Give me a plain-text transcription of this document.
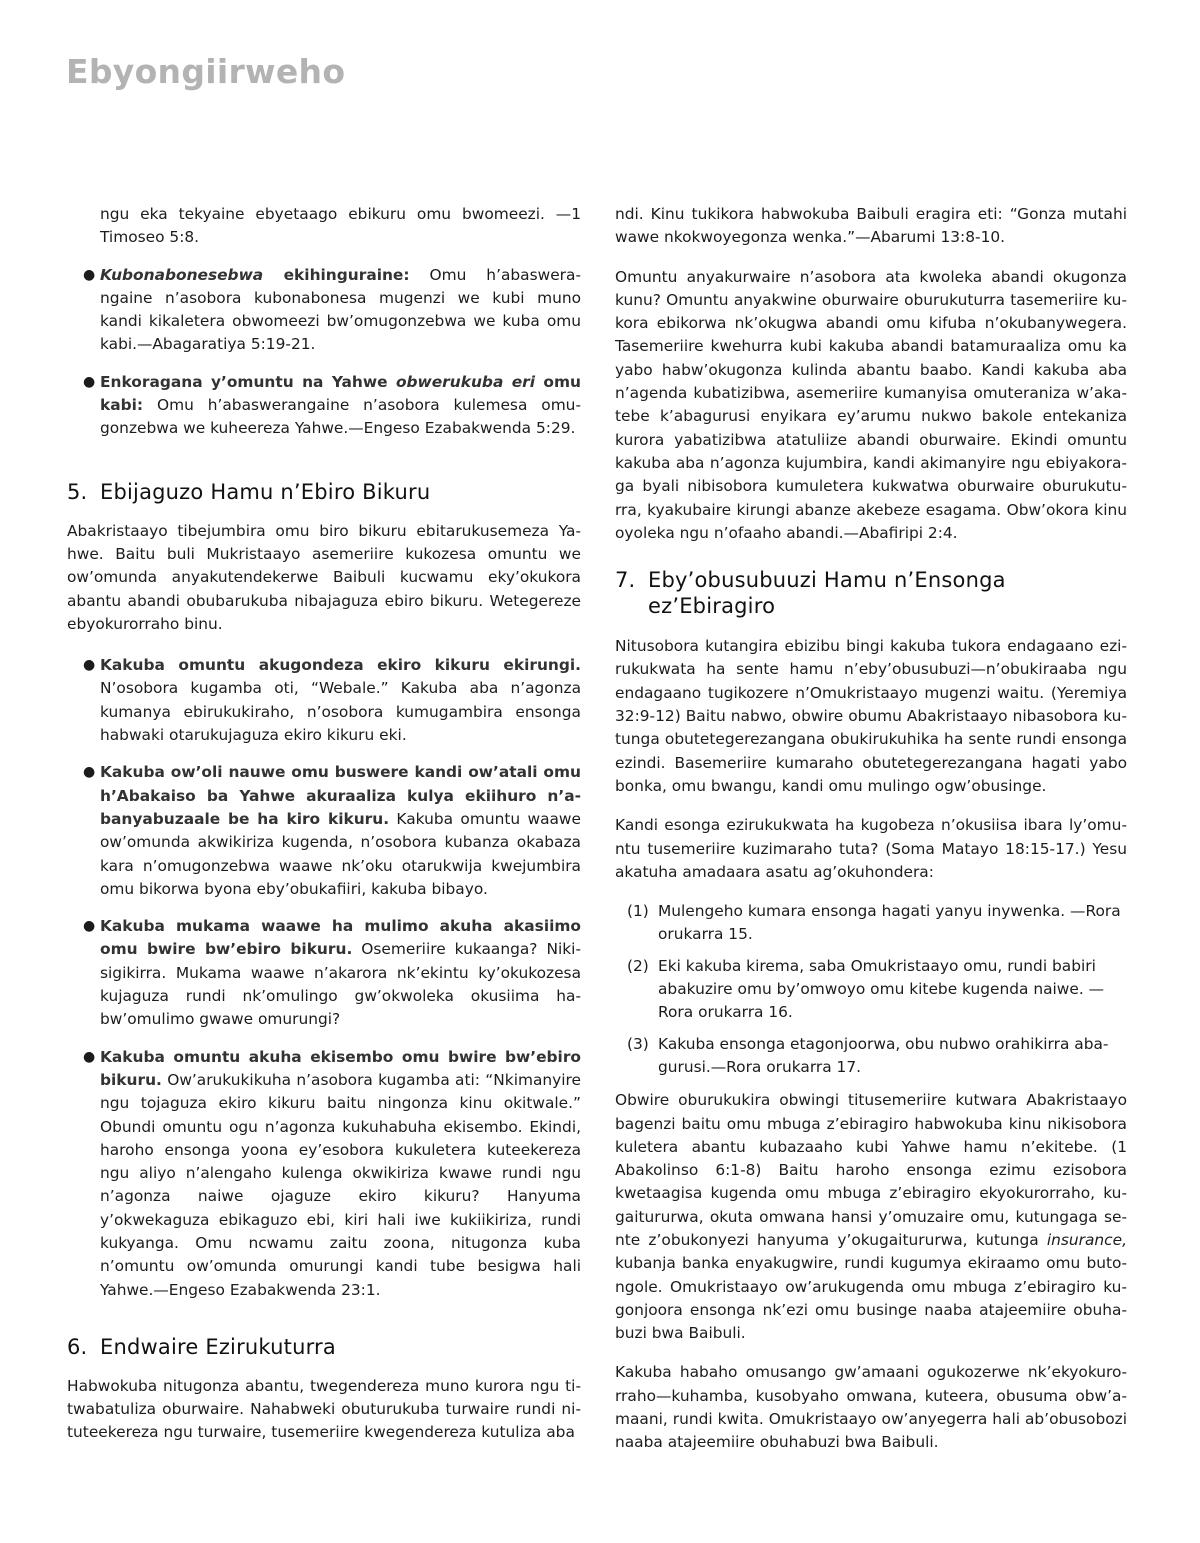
Ebyongiirweho

ngu eka tekyaine ebyetaago ebikuru omu bwomeezi. —1 Timoseo 5:8.

● Kubonabonesebwa ekihinguraine: Omu h’abaswerangaine n’asobora kubonabonesa mugenzi we kubi muno kandi kikaletera obwomeezi bw’omugonzebwa we kuba omu kabi.—Abagaratiya 5:19-21.
● Enkoragana y’omuntu na Yahwe obwerukuba eri omu kabi: Omu h’abaswerangaine n’asobora kulemesa omugonzebwa we kuheereza Yahwe.—Engeso Ezabakwenda 5:29.
5. Ebijaguzo Hamu n’Ebiro Bikuru

Abakristaayo tibejumbira omu biro bikuru ebitarukusemeza Yahwe. Baitu buli Mukristaayo asemeriire kukozesa omuntu we ow’omunda anyakutendekerwe Baibuli kucwamu eky’okukora abantu abandi obubarukuba nibajaguza ebiro bikuru. Wetegereze ebyokurorraho binu.

● Kakuba omuntu akugondeza ekiro kikuru ekirungi. N’osobora kugamba oti, “Webale.” Kakuba aba n’agonza kumanya ebirukukiraho, n’osobora kumugambira ensonga habwaki otarukujaguza ekiro kikuru eki.
● Kakuba ow’oli nauwe omu buswere kandi ow’atali omu h’Abakaiso ba Yahwe akuraaliza kulya ekiihuro n’abanyabuzaale be ha kiro kikuru. Kakuba omuntu waawe ow’omunda akwikiriza kugenda, n’osobora kubanza okabaza kara n’omugonzebwa waawe nk’oku otarukwija kwejumbira omu bikorwa byona eby’obukafiiri, kakuba bibayo.
● Kakuba mukama waawe ha mulimo akuha akasiimo omu bwire bw’ebiro bikuru. Osemeriire kukaanga? Nikisigikirra. Mukama waawe n’akarora nk’ekintu ky’okukozesa kujaguza rundi nk’omulingo gw’okwoleka okusiima habw’omulimo gwawe omurungi?
● Kakuba omuntu akuha ekisembo omu bwire bw’ebiro bikuru. Ow’arukukikuha n’asobora kugamba ati: “Nkimanyire ngu tojaguza ekiro kikuru baitu ningonza kinu okitwale.” Obundi omuntu ogu n’agonza kukuhabuha ekisembo. Ekindi, haroho ensonga yoona ey’esobora kukuletera kuteekereza ngu aliyo n’alengaho kulenga okwikiriza kwawe rundi ngu n’agonza naiwe ojaguze ekiro kikuru? Hanyuma y’okwekaguza ebikaguzo ebi, kiri hali iwe kukiikiriza, rundi kukyanga. Omu ncwamu zaitu zoona, nitugonza kuba n’omuntu ow’omunda omurungi kandi tube besigwa hali Yahwe.—Engeso Ezabakwenda 23:1.
6. Endwaire Ezirukuturra

Habwokuba nitugonza abantu, twegendereza muno kurora ngu titwabatuliza oburwaire. Nahabweki obuturukuba turwaire rundi nituteekereza ngu turwaire, tusemeriire kwegendereza kutuliza aba

ndi. Kinu tukikora habwokuba Baibuli eragira eti: “Gonza mutahi wawe nkokwoyegonza wenka.”—Abarumi 13:8-10.

Omuntu anyakurwaire n’asobora ata kwoleka abandi okugonza kunu? Omuntu anyakwine oburwaire oburukuturra tasemeriire kukora ebikorwa nk’okugwa abandi omu kifuba n’okubanywegera. Tasemeriire kwehurra kubi kakuba abandi batamuraaliza omu ka yabo habw’okugonza kulinda abantu baabo. Kandi kakuba aba n’agenda kubatizibwa, asemeriire kumanyisa omuteraniza w’akatebe k’abagurusi enyikara ey’arumu nukwo bakole entekaniza kurora yabatizibwa atatuliize abandi oburwaire. Ekindi omuntu kakuba aba n’agonza kujumbira, kandi akimanyire ngu ebiyakoraga byali nibisobora kumuletera kukwatwa oburwaire oburukuturra, kyakubaire kirungi abanze akebeze esagama. Obw’okora kinu oyoleka ngu n’ofaaho abandi.—Abafiripi 2:4.

7. Eby’obusubuuzi Hamu n’Ensonga
ez’Ebiragiro

Nitusobora kutangira ebizibu bingi kakuba tukora endagaano ezirukukwata ha sente hamu n’eby’obusubuzi—n’obukiraaba ngu endagaano tugikozere n’Omukristaayo mugenzi waitu. (Yeremiya 32:9-12) Baitu nabwo, obwire obumu Abakristaayo nibasobora kutunga obutetegerezangana obukirukuhika ha sente rundi ensonga ezindi. Basemeriire kumaraho obutetegerezangana hagati yabo bonka, omu bwangu, kandi omu mulingo ogw’obusinge.

Kandi esonga ezirukukwata ha kugobeza n’okusiisa ibara ly’omuntu tusemeriire kuzimaraho tuta? (Soma Matayo 18:15-17.) Yesu akatuha amadaara asatu ag’okuhondera:

(1) Mulengeho kumara ensonga hagati yanyu inywenka. —Rora orukarra 15.
(2) Eki kakuba kirema, saba Omukristaayo omu, rundi babiri abakuzire omu by’omwoyo omu kitebe kugenda naiwe. —Rora orukarra 16.
(3) Kakuba ensonga etagonjoorwa, obu nubwo orahikirra abagurusi.—Rora orukarra 17.

Obwire oburukukira obwingi titusemeriire kutwara Abakristaayo bagenzi baitu omu mbuga z’ebiragiro habwokuba kinu nikisobora kuletera abantu kubazaaho kubi Yahwe hamu n’ekitebe. (1 Abakolinso 6:1-8) Baitu haroho ensonga ezimu ezisobora kwetaagisa kugenda omu mbuga z’ebiragiro ekyokurorraho, kugaitururwa, okuta omwana hansi y’omuzaire omu, kutungaga sente z’obukonyezi hanyuma y’okugaitururwa, kutunga insurance, kubanja banka enyakugwire, rundi kugumya ekiraamo omu butongole. Omukristaayo ow’arukugenda omu mbuga z’ebiragiro kugonjoora ensonga nk’ezi omu businge naaba atajeemiire obuhabuzi bwa Baibuli.

Kakuba habaho omusango gw’amaani ogukozerwe nk’ekyokurorraho—kuhamba, kusobyaho omwana, kuteera, obusuma obw’amaani, rundi kwita. Omukristaayo ow’anyegerra hali ab’obusobozi naaba atajeemiire obuhabuzi bwa Baibuli.
